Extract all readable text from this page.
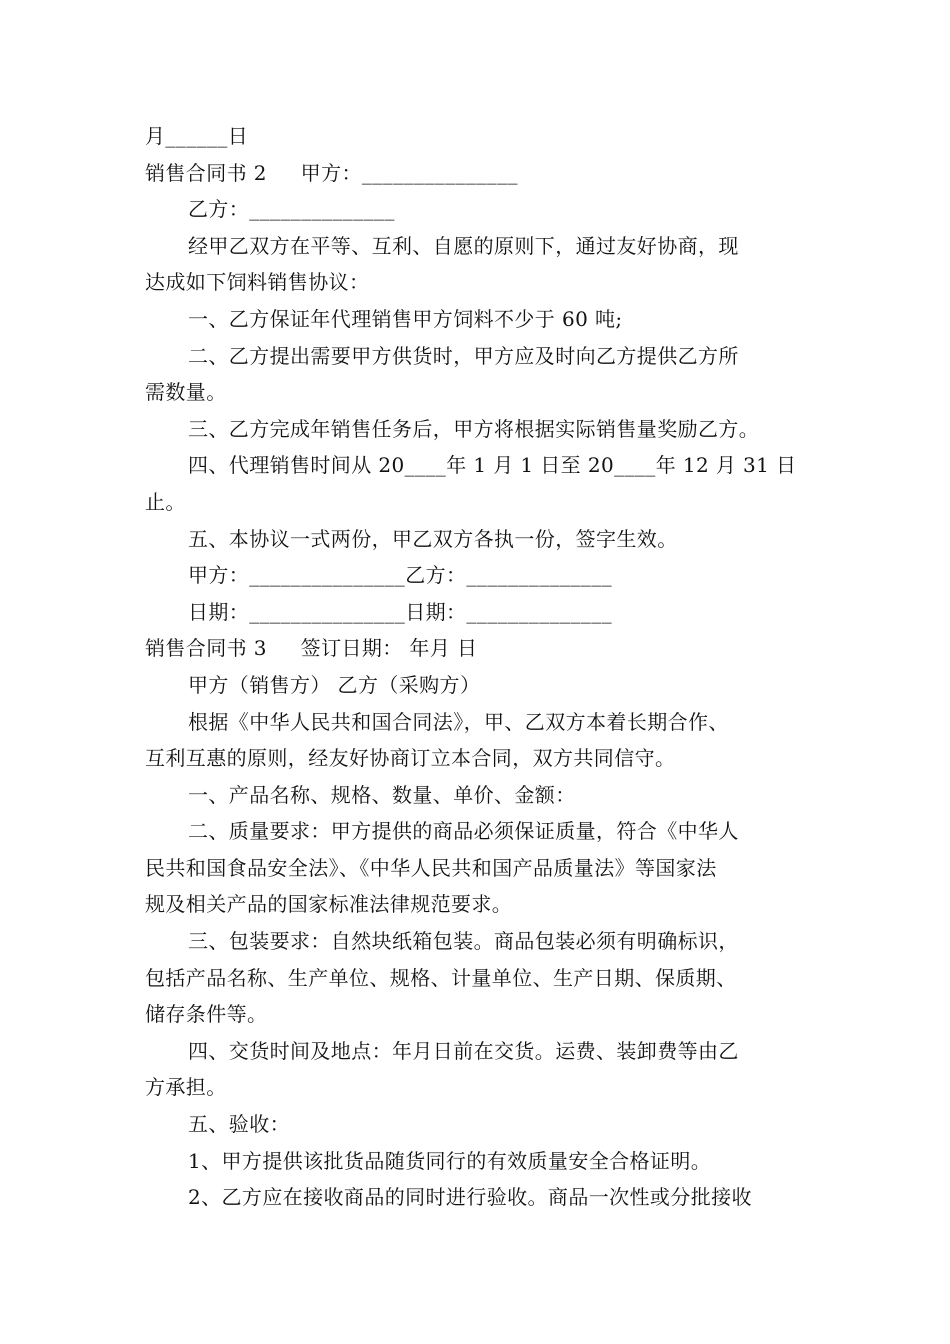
月______日
销售合同书 2     甲方：_______________
乙方：______________
经甲乙双方在平等、互利、自愿的原则下，通过友好协商，现
达成如下饲料销售协议：
一、乙方保证年代理销售甲方饲料不少于 60 吨;
二、乙方提出需要甲方供货时，甲方应及时向乙方提供乙方所
需数量。
三、乙方完成年销售任务后，甲方将根据实际销售量奖励乙方。
四、代理销售时间从 20____年 1 月 1 日至 20____年 12 月 31 日
止。
五、本协议一式两份，甲乙双方各执一份，签字生效。
甲方：_______________乙方：______________
日期：_______________日期：______________
销售合同书 3     签订日期： 年月 日
甲方（销售方） 乙方（采购方）
根据《中华人民共和国合同法》，甲、乙双方本着长期合作、
互利互惠的原则，经友好协商订立本合同，双方共同信守。
一、产品名称、规格、数量、单价、金额：
二、质量要求：甲方提供的商品必须保证质量，符合《中华人
民共和国食品安全法》、《中华人民共和国产品质量法》等国家法
规及相关产品的国家标准法律规范要求。
三、包装要求：自然块纸箱包装。商品包装必须有明确标识，
包括产品名称、生产单位、规格、计量单位、生产日期、保质期、
储存条件等。
四、交货时间及地点：年月日前在交货。运费、装卸费等由乙
方承担。
五、验收：
1、甲方提供该批货品随货同行的有效质量安全合格证明。
2、乙方应在接收商品的同时进行验收。商品一次性或分批接收
